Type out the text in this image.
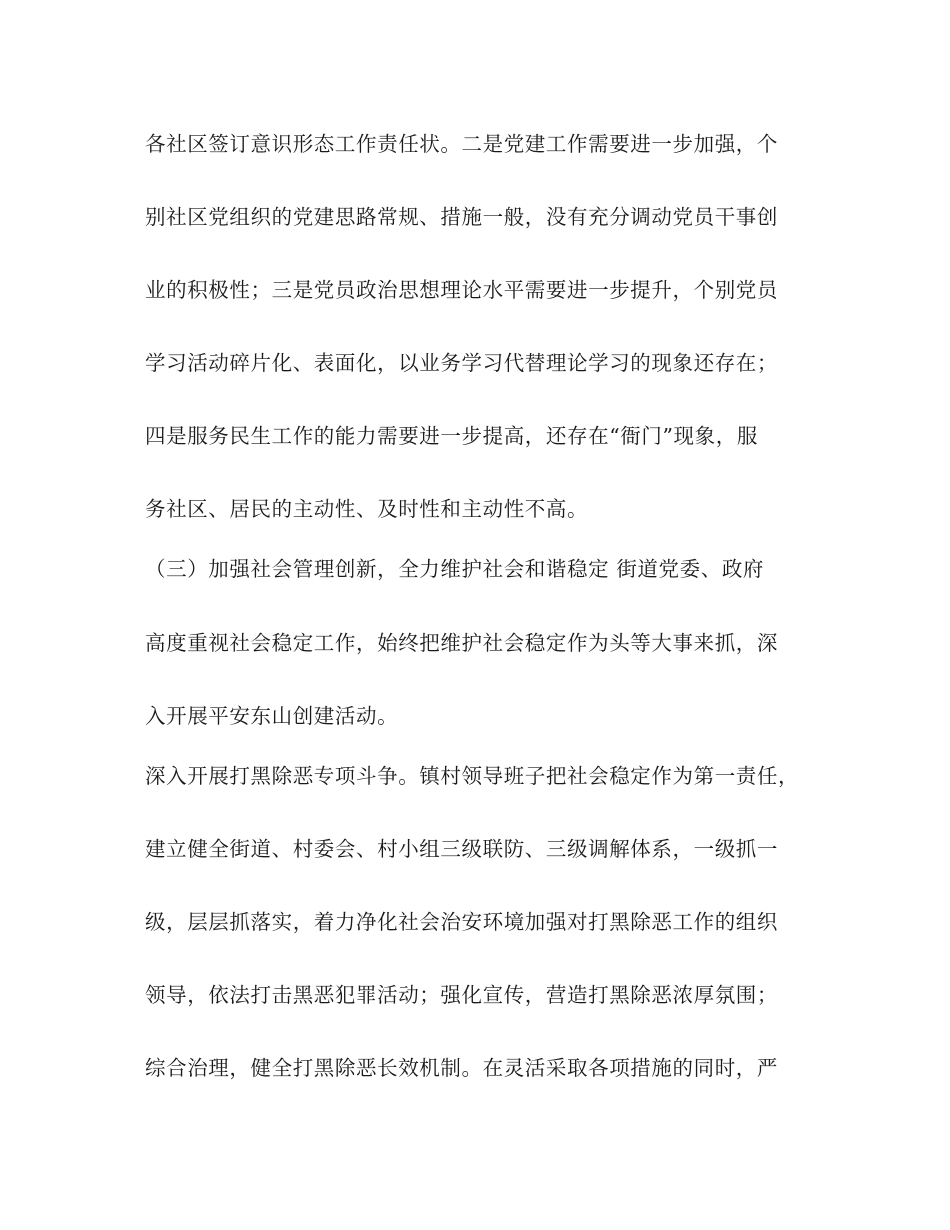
各社区签订意识形态工作责任状。二是党建工作需要进一步加强，个

别社区党组织的党建思路常规、措施一般，没有充分调动党员干事创

业的积极性；三是党员政治思想理论水平需要进一步提升，个别党员

学习活动碎片化、表面化，以业务学习代替理论学习的现象还存在；

四是服务民生工作的能力需要进一步提高，还存在“衙门”现象，服

务社区、居民的主动性、及时性和主动性不高。

（三）加强社会管理创新，全力维护社会和谐稳定 街道党委、政府

高度重视社会稳定工作，始终把维护社会稳定作为头等大事来抓，深

入开展平安东山创建活动。

深入开展打黑除恶专项斗争。镇村领导班子把社会稳定作为第一责任，

建立健全街道、村委会、村小组三级联防、三级调解体系，一级抓一

级，层层抓落实，着力净化社会治安环境加强对打黑除恶工作的组织

领导，依法打击黑恶犯罪活动；强化宣传，营造打黑除恶浓厚氛围；

综合治理，健全打黑除恶长效机制。在灵活采取各项措施的同时，严
